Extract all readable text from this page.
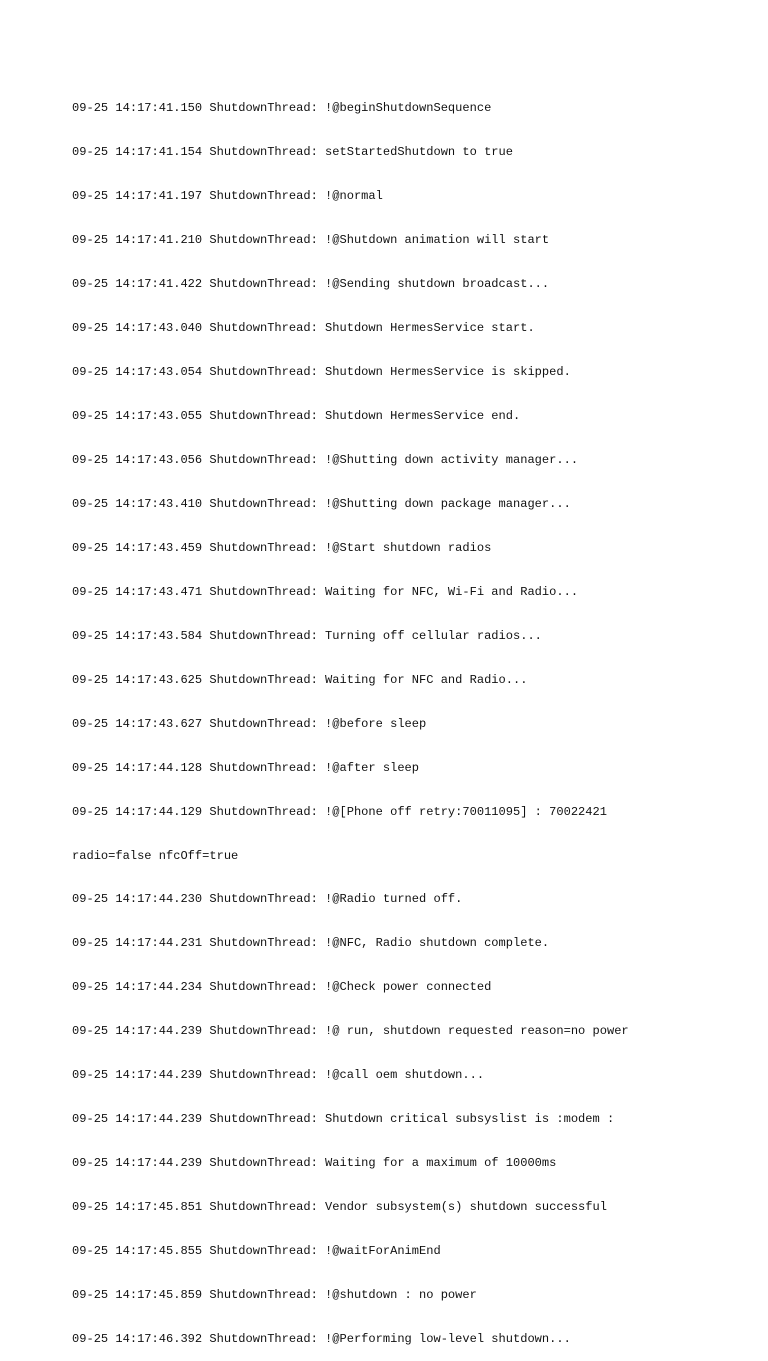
09-25 14:17:41.150 ShutdownThread: !@beginShutdownSequence

09-25 14:17:41.154 ShutdownThread: setStartedShutdown to true

09-25 14:17:41.197 ShutdownThread: !@normal

09-25 14:17:41.210 ShutdownThread: !@Shutdown animation will start

09-25 14:17:41.422 ShutdownThread: !@Sending shutdown broadcast...

09-25 14:17:43.040 ShutdownThread: Shutdown HermesService start.

09-25 14:17:43.054 ShutdownThread: Shutdown HermesService is skipped.

09-25 14:17:43.055 ShutdownThread: Shutdown HermesService end.

09-25 14:17:43.056 ShutdownThread: !@Shutting down activity manager...

09-25 14:17:43.410 ShutdownThread: !@Shutting down package manager...

09-25 14:17:43.459 ShutdownThread: !@Start shutdown radios

09-25 14:17:43.471 ShutdownThread: Waiting for NFC, Wi-Fi and Radio...

09-25 14:17:43.584 ShutdownThread: Turning off cellular radios...

09-25 14:17:43.625 ShutdownThread: Waiting for NFC and Radio...

09-25 14:17:43.627 ShutdownThread: !@before sleep

09-25 14:17:44.128 ShutdownThread: !@after sleep

09-25 14:17:44.129 ShutdownThread: !@[Phone off retry:70011095] : 70022421

radio=false nfcOff=true

09-25 14:17:44.230 ShutdownThread: !@Radio turned off.

09-25 14:17:44.231 ShutdownThread: !@NFC, Radio shutdown complete.

09-25 14:17:44.234 ShutdownThread: !@Check power connected

09-25 14:17:44.239 ShutdownThread: !@ run, shutdown requested reason=no power

09-25 14:17:44.239 ShutdownThread: !@call oem shutdown...

09-25 14:17:44.239 ShutdownThread: Shutdown critical subsyslist is :modem :

09-25 14:17:44.239 ShutdownThread: Waiting for a maximum of 10000ms

09-25 14:17:45.851 ShutdownThread: Vendor subsystem(s) shutdown successful

09-25 14:17:45.855 ShutdownThread: !@waitForAnimEnd

09-25 14:17:45.859 ShutdownThread: !@shutdown : no power

09-25 14:17:46.392 ShutdownThread: !@Performing low-level shutdown...
